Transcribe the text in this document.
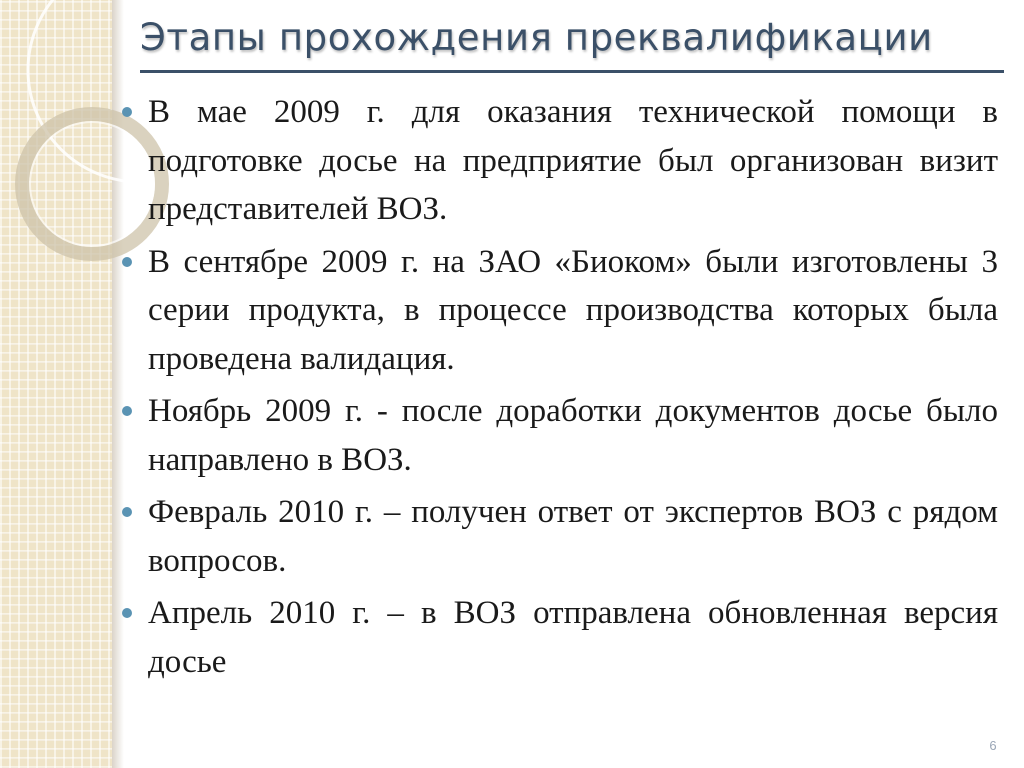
Этапы прохождения преквалификации
В мае 2009 г. для оказания технической помощи в подготовке досье на предприятие был организован визит представителей ВОЗ.
В сентябре 2009 г. на ЗАО «Биоком» были изготовлены 3 серии продукта, в процессе производства которых была проведена валидация.
Ноябрь 2009 г. - после доработки документов досье было направлено в ВОЗ.
Февраль 2010 г. – получен ответ от экспертов ВОЗ с рядом вопросов.
Апрель 2010 г. – в ВОЗ отправлена обновленная версия досье
6
